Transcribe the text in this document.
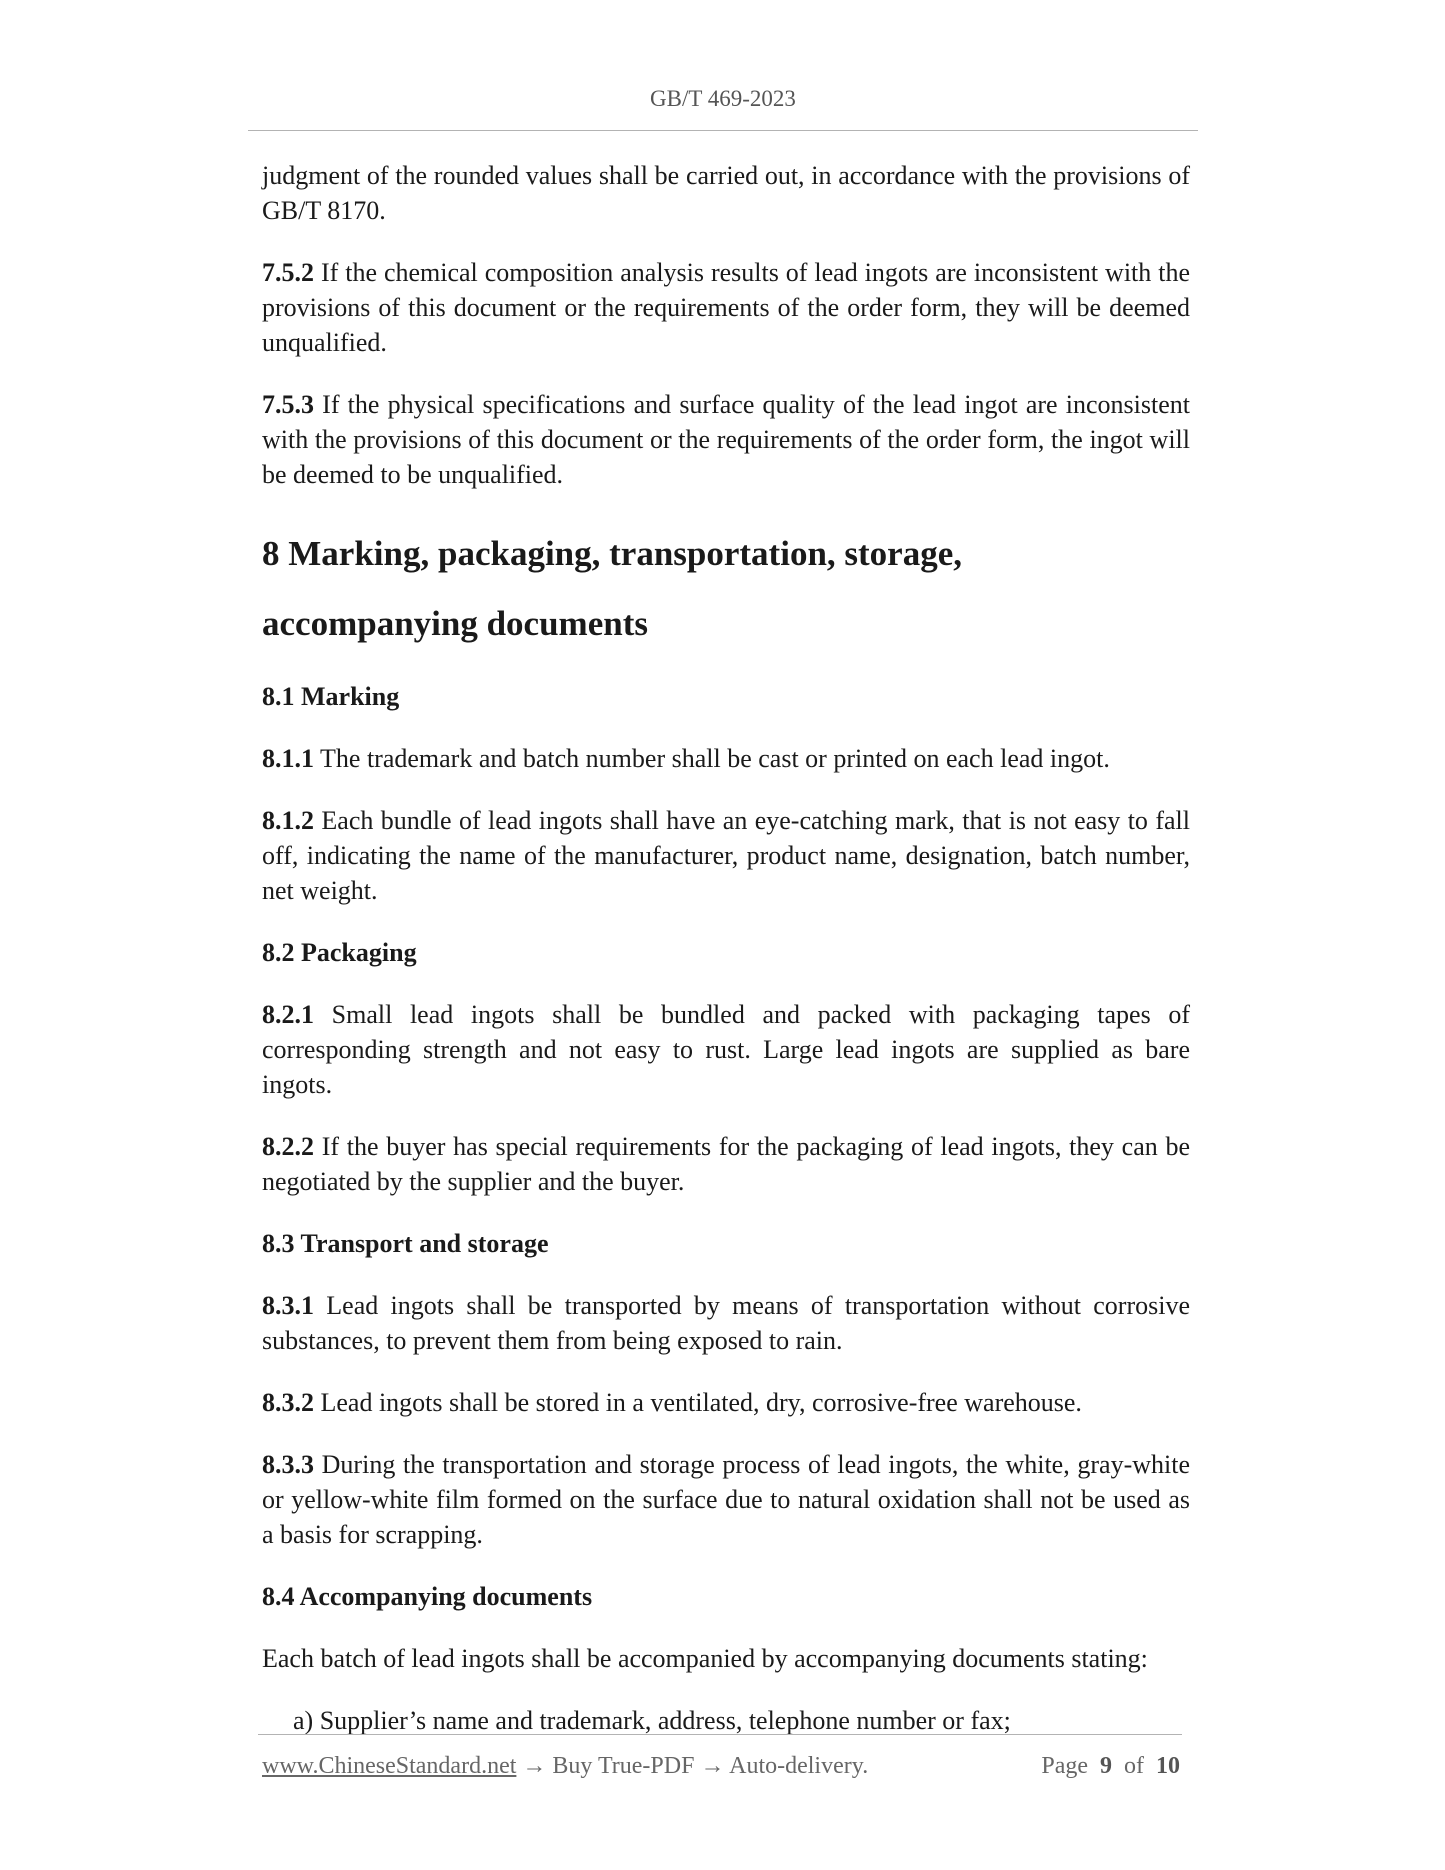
GB/T 469-2023

judgment of the rounded values shall be carried out, in accordance with the provisions of GB/T 8170.

7.5.2 If the chemical composition analysis results of lead ingots are inconsistent with the provisions of this document or the requirements of the order form, they will be deemed unqualified.

7.5.3 If the physical specifications and surface quality of the lead ingot are inconsistent with the provisions of this document or the requirements of the order form, the ingot will be deemed to be unqualified.

8 Marking, packaging, transportation, storage,
accompanying documents
8.1 Marking

8.1.1 The trademark and batch number shall be cast or printed on each lead ingot.

8.1.2 Each bundle of lead ingots shall have an eye-catching mark, that is not easy to fall off, indicating the name of the manufacturer, product name, designation, batch number, net weight.

8.2 Packaging

8.2.1 Small lead ingots shall be bundled and packed with packaging tapes of corresponding strength and not easy to rust. Large lead ingots are supplied as bare ingots.

8.2.2 If the buyer has special requirements for the packaging of lead ingots, they can be negotiated by the supplier and the buyer.

8.3 Transport and storage

8.3.1 Lead ingots shall be transported by means of transportation without corrosive substances, to prevent them from being exposed to rain.

8.3.2 Lead ingots shall be stored in a ventilated, dry, corrosive-free warehouse.

8.3.3 During the transportation and storage process of lead ingots, the white, gray-white or yellow-white film formed on the surface due to natural oxidation shall not be used as a basis for scrapping.

8.4 Accompanying documents

Each batch of lead ingots shall be accompanied by accompanying documents stating:

a) Supplier’s name and trademark, address, telephone number or fax;

www.ChineseStandard.net → Buy True-PDF → Auto-delivery.	Page 9 of 10
